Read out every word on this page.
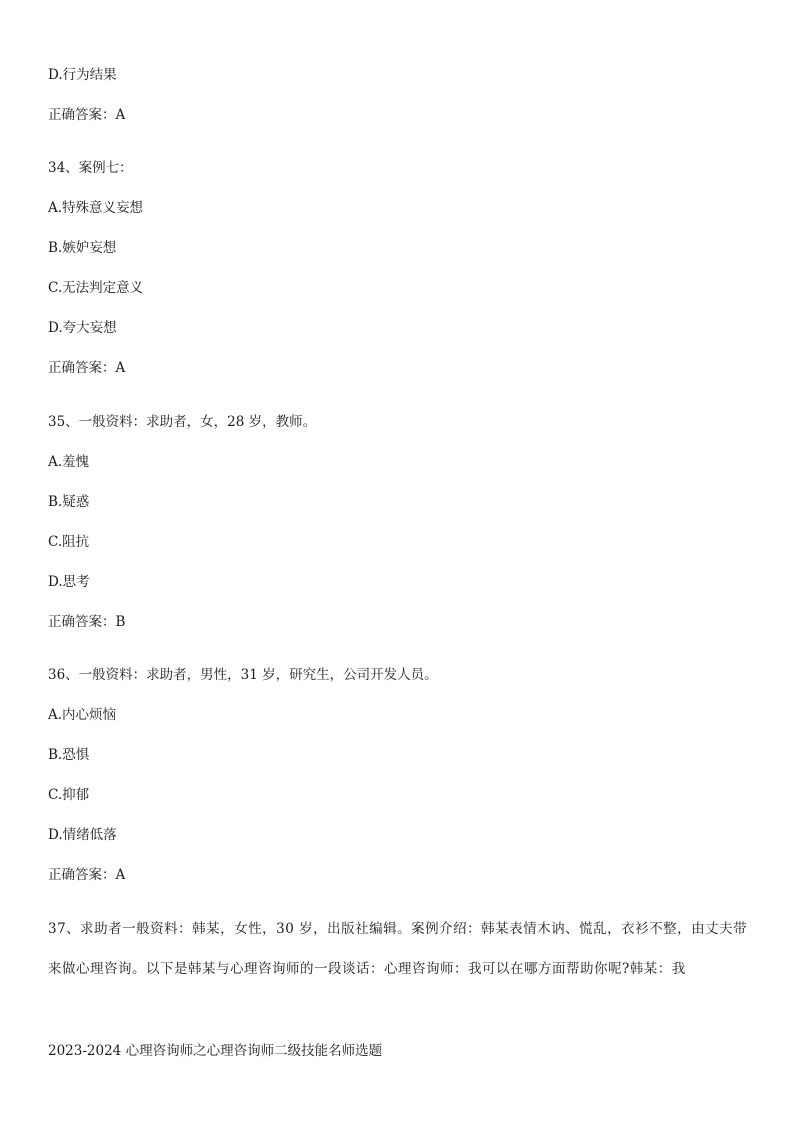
D.行为结果
正确答案：A
34、案例七：
A.特殊意义妄想
B.嫉妒妄想
C.无法判定意义
D.夸大妄想
正确答案：A
35、一般资料：求助者，女，28 岁，教师。
A.羞愧
B.疑惑
C.阻抗
D.思考
正确答案：B
36、一般资料：求助者，男性，31 岁，研究生，公司开发人员。
A.内心烦恼
B.恐惧
C.抑郁
D.情绪低落
正确答案：A
37、求助者一般资料：韩某，女性，30 岁，出版社编辑。案例介绍：韩某表情木讷、慌乱，衣衫不整，由丈夫带来做心理咨询。以下是韩某与心理咨询师的一段谈话：心理咨询师：我可以在哪方面帮助你呢?韩某：我
2023-2024 心理咨询师之心理咨询师二级技能名师选题
